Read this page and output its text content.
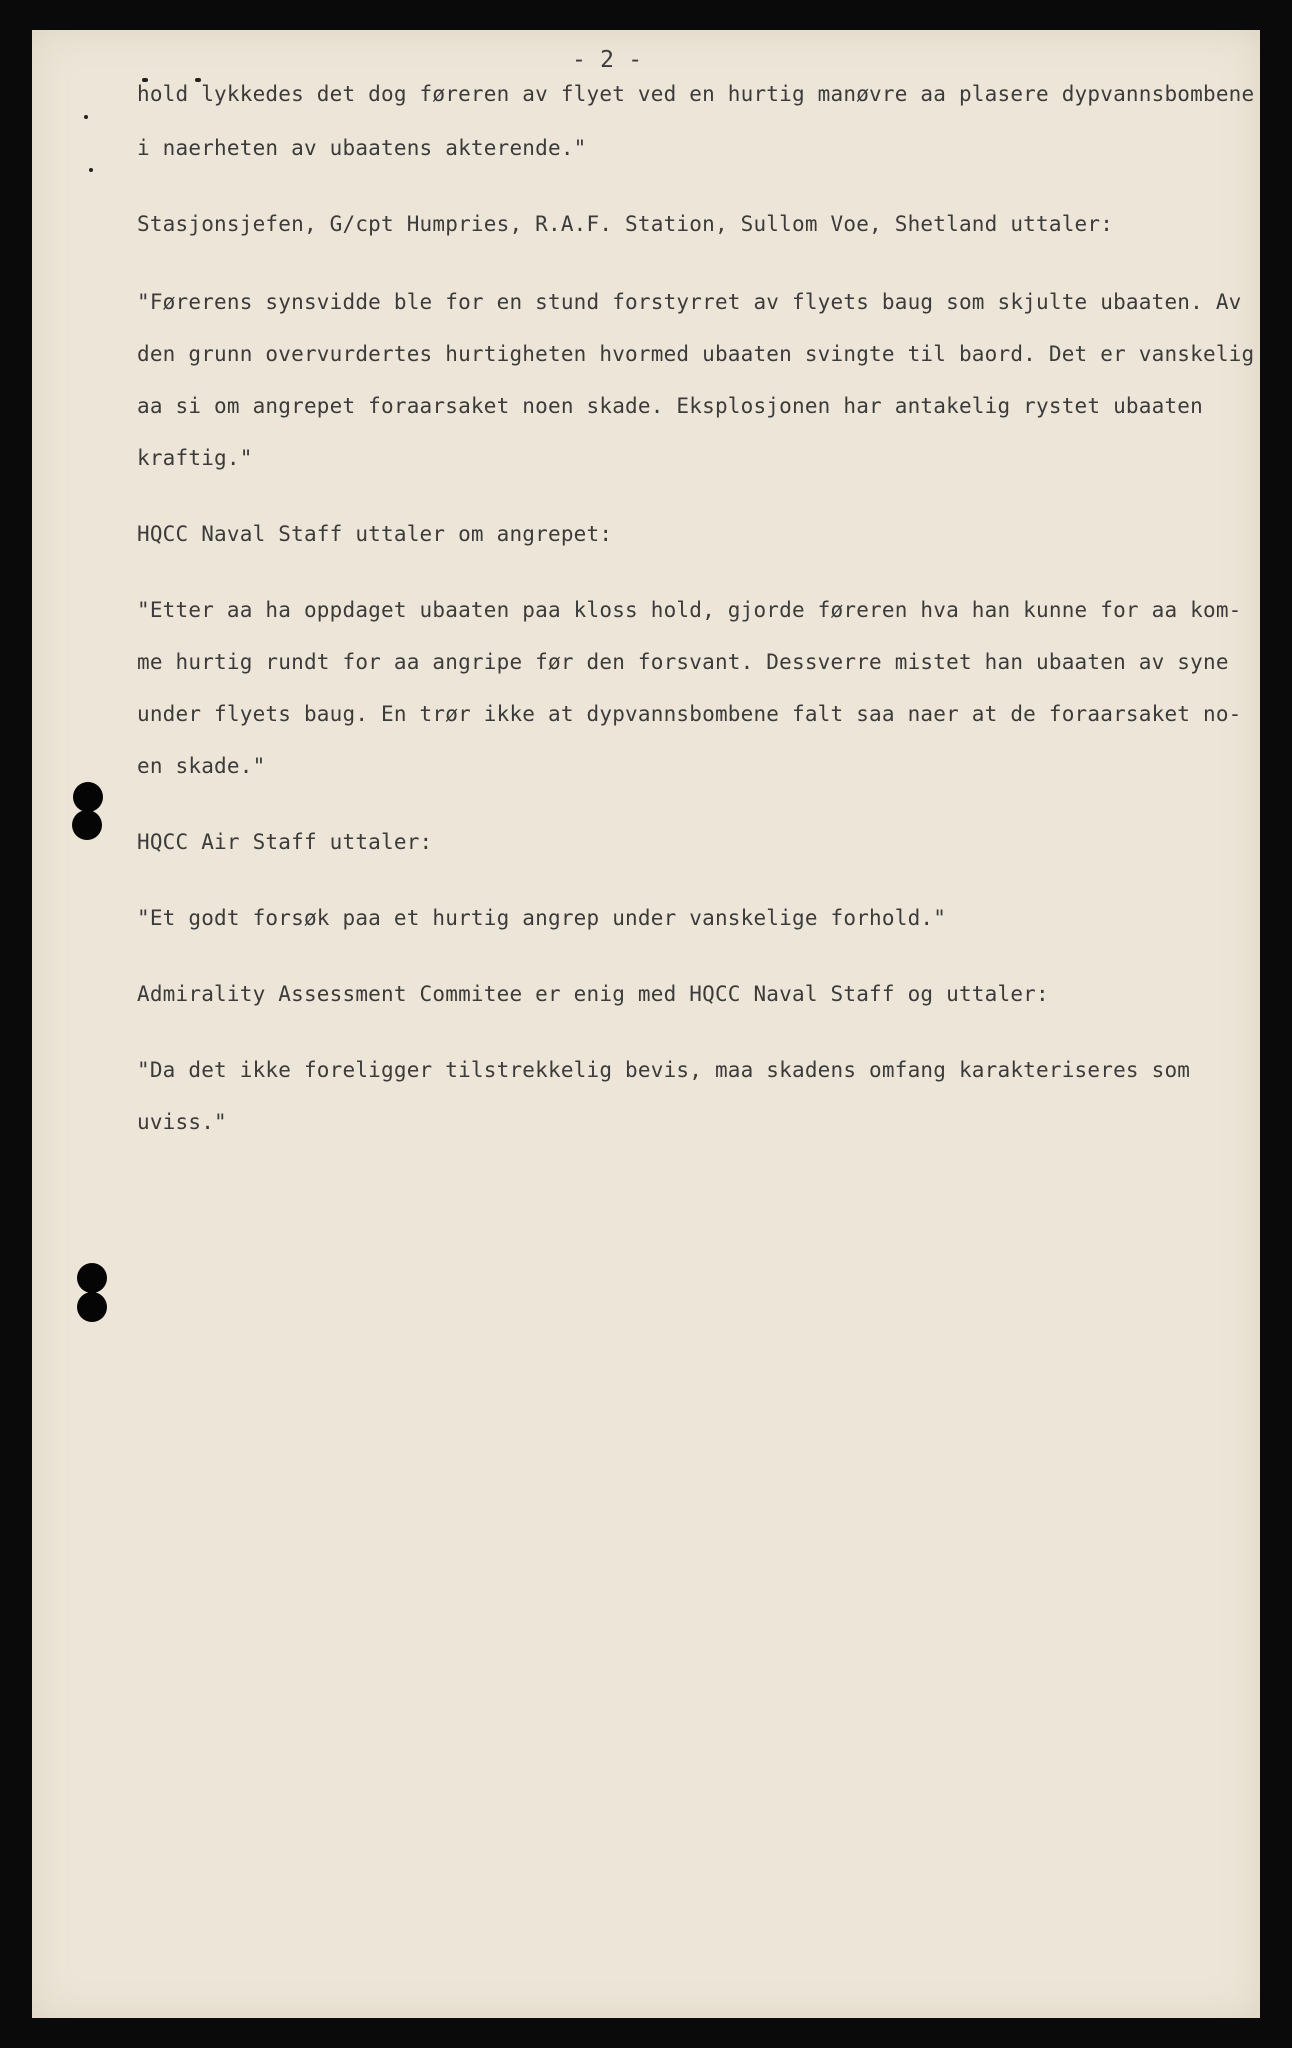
- 2 -

hold lykkedes det dog føreren av flyet ved en hurtig manøvre aa plasere dypvannsbombene

i naerheten av ubaatens akterende."

Stasjonsjefen, G/cpt Humpries, R.A.F. Station, Sullom Voe, Shetland uttaler:

"Førerens synsvidde ble for en stund forstyrret av flyets baug som skjulte ubaaten. Av

den grunn overvurdertes hurtigheten hvormed ubaaten svingte til baord. Det er vanskelig

aa si om angrepet foraarsaket noen skade. Eksplosjonen har antakelig rystet ubaaten

kraftig."

HQCC Naval Staff uttaler om angrepet:

"Etter aa ha oppdaget ubaaten paa kloss hold, gjorde føreren hva han kunne for aa kom-

me hurtig rundt for aa angripe før den forsvant. Dessverre mistet han ubaaten av syne

under flyets baug. En trør ikke at dypvannsbombene falt saa naer at de foraarsaket no-

en skade."

HQCC Air Staff uttaler:

"Et godt forsøk paa et hurtig angrep under vanskelige forhold."

Admirality Assessment Commitee er enig med HQCC Naval Staff og uttaler:

"Da det ikke foreligger tilstrekkelig bevis, maa skadens omfang karakteriseres som

uviss."
